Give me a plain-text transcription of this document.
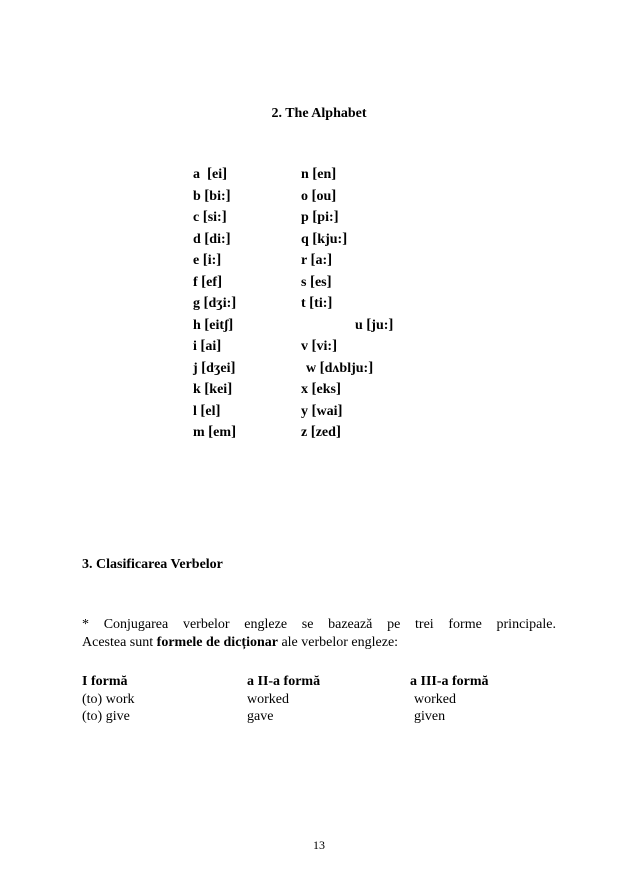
2. The Alphabet
a [ei]
b [bi:]
c [si:]
d [di:]
e [i:]
f [ef]
g [dʒi:]
h [eitʃ]
i [ai]
j [dʒei]
k [kei]
l [el]
m [em]
n [en]
o [ou]
p [pi:]
q [kju:]
r [a:]
s [es]
t [ti:]
u [ju:]
v [vi:]
w [dʌblju:]
x [eks]
y [wai]
z [zed]
3. Clasificarea Verbelor
* Conjugarea verbelor engleze se bazează pe trei forme principale.
Acestea sunt formele de dicționar ale verbelor engleze:
I formă
(to) work
(to) give
a II-a formă
worked
gave
a III-a formă
worked
given
13
